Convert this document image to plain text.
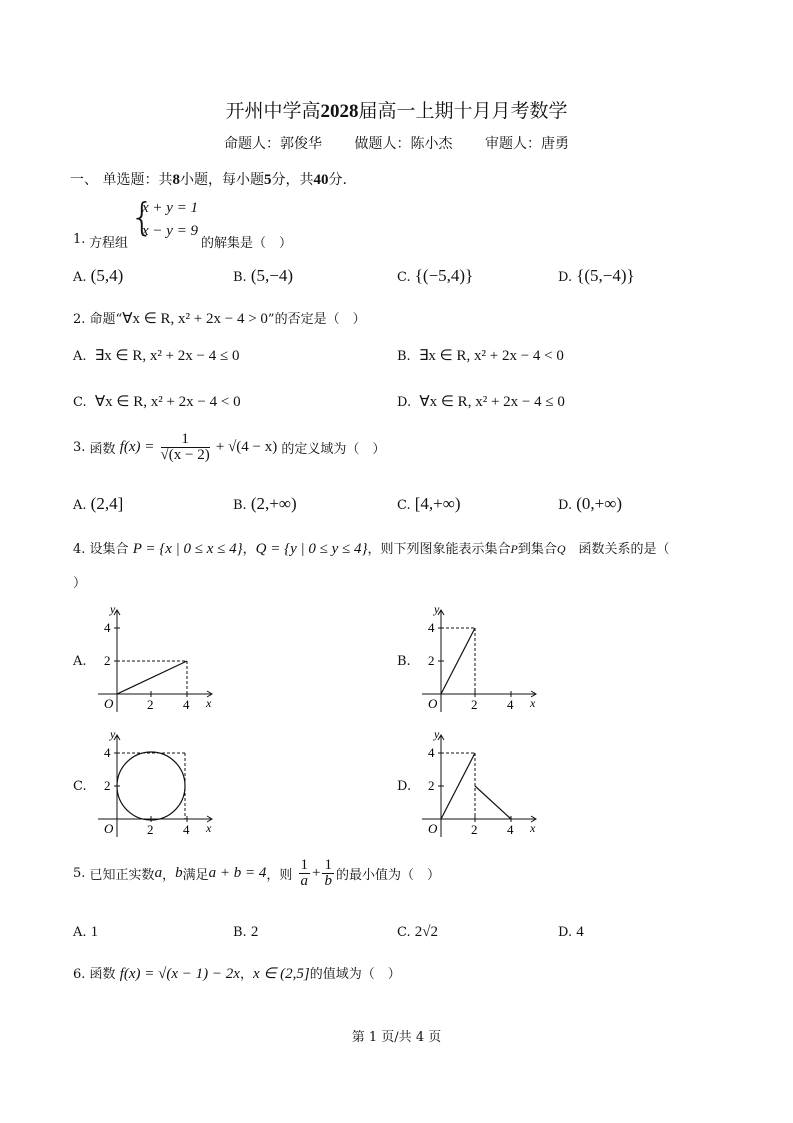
开州中学高2028届高一上期十月月考数学
命题人：郭俊华 做题人：陈小杰 审题人：唐勇
一、 单选题：共8小题，每小题5分，共40分.
1. 方程组
{
x + y = 1
x − y = 9
的解集是（　）
A. (5,4)	B. (5,−4)	C. {(−5,4)}	D. {(5,−4)}
2. 命题“∀x ∈ R, x² + 2x − 4 > 0”的否定是（　）
A. ∃x ∈ R, x² + 2x − 4 ≤ 0	B. ∃x ∈ R, x² + 2x − 4 < 0
C. ∀x ∈ R, x² + 2x − 4 < 0	D. ∀x ∈ R, x² + 2x − 4 ≤ 0
3. 函数 $f(x) = \frac{1}{√(x - 2)} + √(4 - x)$ 的定义域为（　）
A. (2,4]	B. (2,+∞)	C. [4,+∞)	D. (0,+∞)
4. 设集合 P = {x | 0 ≤ x ≤ 4}，Q = {y | 0 ≤ y ≤ 4}，则下列图象能表示集合P到集合Q　函数关系的是（
）
A.	B.
C.	D.
y
x
O
4
2
2 4
y
x
O
4
2
2 4
y
x
O
4
2
2 4
y
x
O
4
2
2 4
5. 已知正实数a，b满足a + b = 4，则 $\frac{1}{a} + \frac{1}{b}$ 的最小值为（　）
A. 1	B. 2	C. 2√2	D. 4
6. 函数 f(x) = √(x − 1) − 2x，x ∈ (2,5]的值域为（　）
第 1 页/共 4 页
